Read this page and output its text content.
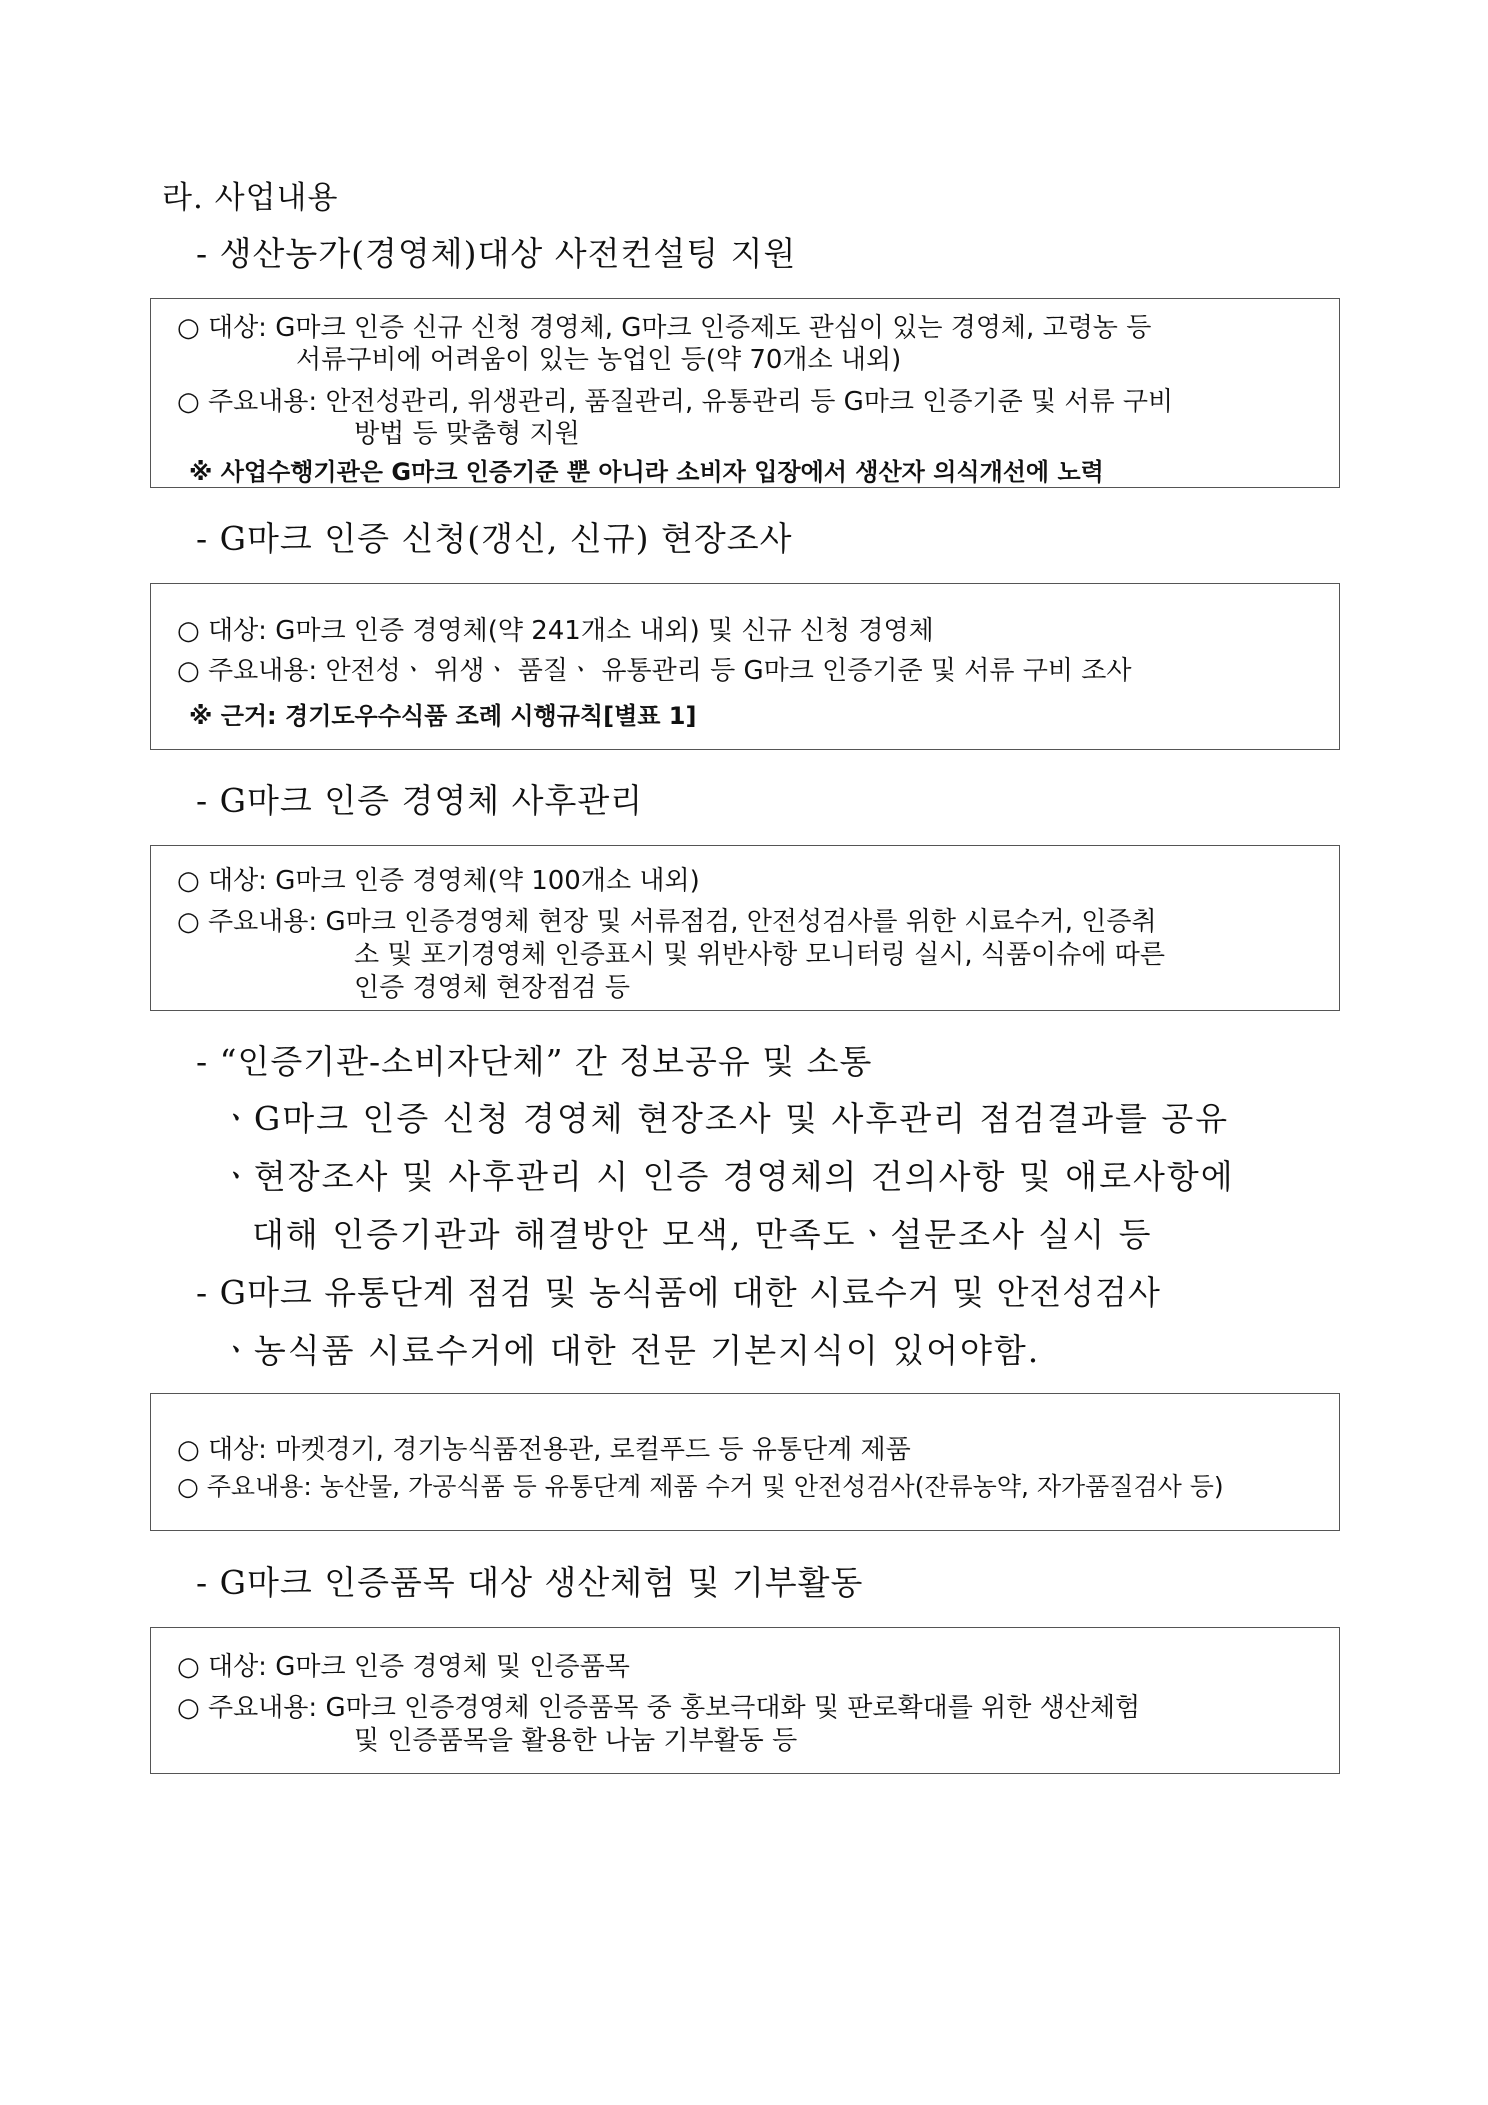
라. 사업내용
- 생산농가(경영체)대상 사전컨설팅 지원
○ 대상: G마크 인증 신규 신청 경영체, G마크 인증제도 관심이 있는 경영체, 고령농 등
서류구비에 어려움이 있는 농업인 등(약 70개소 내외)
○ 주요내용: 안전성관리, 위생관리, 품질관리, 유통관리 등 G마크 인증기준 및 서류 구비
방법 등 맞춤형 지원
※ 사업수행기관은 G마크 인증기준 뿐 아니라 소비자 입장에서 생산자 의식개선에 노력
- G마크 인증 신청(갱신, 신규) 현장조사
○ 대상: G마크 인증 경영체(약 241개소 내외) 및 신규 신청 경영체
○ 주요내용: 안전성ㆍ 위생ㆍ 품질ㆍ 유통관리 등 G마크 인증기준 및 서류 구비 조사
※ 근거: 경기도우수식품 조례 시행규칙[별표 1]
- G마크 인증 경영체 사후관리
○ 대상: G마크 인증 경영체(약 100개소 내외)
○ 주요내용: G마크 인증경영체 현장 및 서류점검, 안전성검사를 위한 시료수거, 인증취
소 및 포기경영체 인증표시 및 위반사항 모니터링 실시, 식품이슈에 따른
인증 경영체 현장점검 등
- “인증기관-소비자단체” 간 정보공유 및 소통
ㆍG마크 인증 신청 경영체 현장조사 및 사후관리 점검결과를 공유
ㆍ현장조사 및 사후관리 시 인증 경영체의 건의사항 및 애로사항에
대해 인증기관과 해결방안 모색, 만족도ㆍ설문조사 실시 등
- G마크 유통단계 점검 및 농식품에 대한 시료수거 및 안전성검사
ㆍ농식품 시료수거에 대한 전문 기본지식이 있어야함.
○ 대상: 마켓경기, 경기농식품전용관, 로컬푸드 등 유통단계 제품
○ 주요내용: 농산물, 가공식품 등 유통단계 제품 수거 및 안전성검사(잔류농약, 자가품질검사 등)
- G마크 인증품목 대상 생산체험 및 기부활동
○ 대상: G마크 인증 경영체 및 인증품목
○ 주요내용: G마크 인증경영체 인증품목 중 홍보극대화 및 판로확대를 위한 생산체험
및 인증품목을 활용한 나눔 기부활동 등
